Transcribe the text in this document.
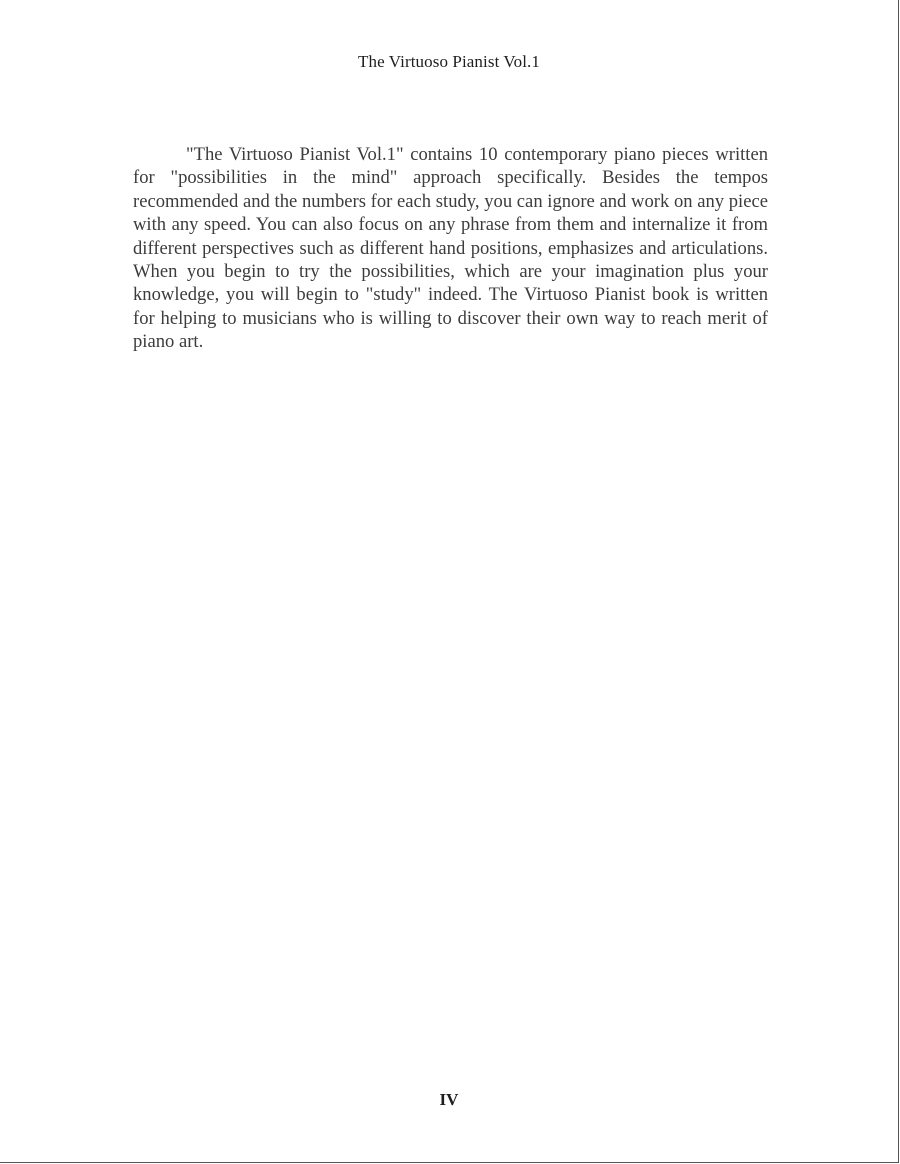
The Virtuoso Pianist Vol.1

"The Virtuoso Pianist Vol.1" contains 10 contemporary piano pieces written for "possibilities in the mind" approach specifically. Besides the tempos recommended and the numbers for each study, you can ignore and work on any piece with any speed. You can also focus on any phrase from them and internalize it from different perspectives such as different hand positions, emphasizes and articulations. When you begin to try the possibilities, which are your imagination plus your knowledge, you will begin to "study" indeed. The Virtuoso Pianist book is written for helping to musicians who is willing to discover their own way to reach merit of piano art.

IV
